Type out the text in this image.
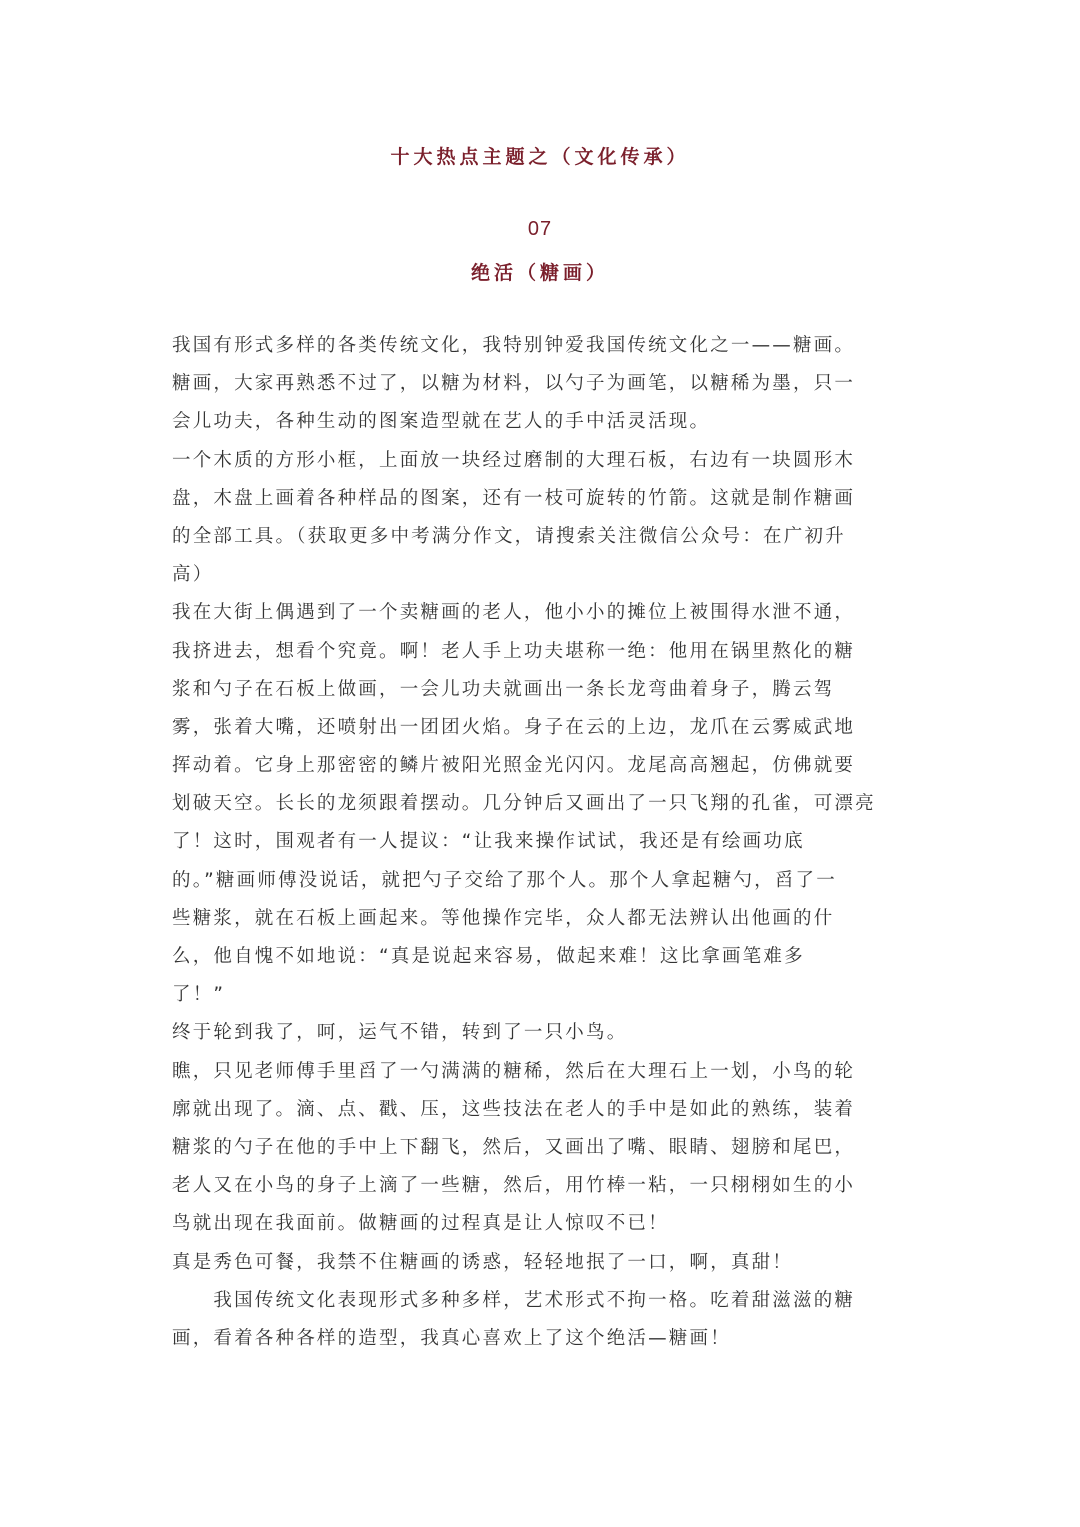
十大热点主题之（文化传承）
07
绝活（糖画）
我国有形式多样的各类传统文化，我特别钟爱我国传统文化之一——糖画。
糖画，大家再熟悉不过了，以糖为材料，以勺子为画笔，以糖稀为墨，只一
会儿功夫，各种生动的图案造型就在艺人的手中活灵活现。
一个木质的方形小框，上面放一块经过磨制的大理石板，右边有一块圆形木
盘，木盘上画着各种样品的图案，还有一枝可旋转的竹箭。这就是制作糖画
的全部工具。（获取更多中考满分作文，请搜索关注微信公众号：在广初升
高）
我在大街上偶遇到了一个卖糖画的老人，他小小的摊位上被围得水泄不通，
我挤进去，想看个究竟。啊！老人手上功夫堪称一绝：他用在锅里熬化的糖
浆和勺子在石板上做画，一会儿功夫就画出一条长龙弯曲着身子，腾云驾
雾，张着大嘴，还喷射出一团团火焰。身子在云的上边，龙爪在云雾威武地
挥动着。它身上那密密的鳞片被阳光照金光闪闪。龙尾高高翘起，仿佛就要
划破天空。长长的龙须跟着摆动。几分钟后又画出了一只飞翔的孔雀，可漂亮
了！这时，围观者有一人提议：“让我来操作试试，我还是有绘画功底
的。”糖画师傅没说话，就把勺子交给了那个人。那个人拿起糖勺，舀了一
些糖浆，就在石板上画起来。等他操作完毕，众人都无法辨认出他画的什
么，他自愧不如地说：“真是说起来容易，做起来难！这比拿画笔难多
了！”
终于轮到我了，呵，运气不错，转到了一只小鸟。
瞧，只见老师傅手里舀了一勺满满的糖稀，然后在大理石上一划，小鸟的轮
廓就出现了。滴、点、戳、压，这些技法在老人的手中是如此的熟练，装着
糖浆的勺子在他的手中上下翻飞，然后，又画出了嘴、眼睛、翅膀和尾巴，
老人又在小鸟的身子上滴了一些糖，然后，用竹棒一粘，一只栩栩如生的小
鸟就出现在我面前。做糖画的过程真是让人惊叹不已！
真是秀色可餐，我禁不住糖画的诱惑，轻轻地抿了一口，啊，真甜！
　　我国传统文化表现形式多种多样，艺术形式不拘一格。吃着甜滋滋的糖
画，看着各种各样的造型，我真心喜欢上了这个绝活—糖画！
